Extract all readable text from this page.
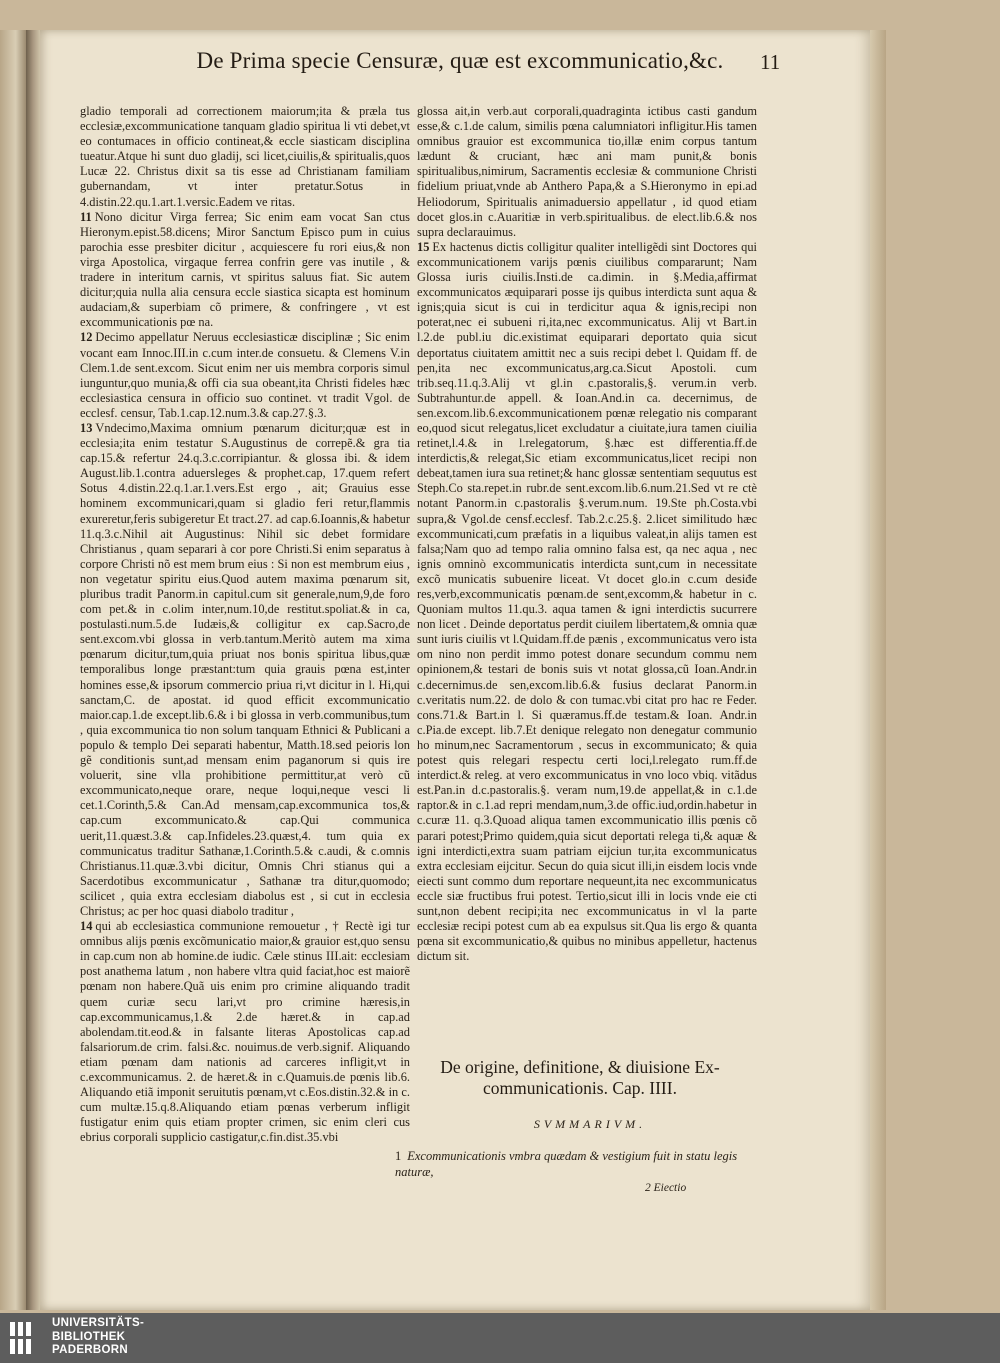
De Prima specie Censuræ, quæ est excommunicatio,&c.	11

gladio temporali ad correctionem maiorum;ita & præla tus ecclesiæ,excommunicatione tanquam gladio spiritua li vti debet,vt eo contumaces in officio contineat,& eccle siasticam disciplina tueatur.Atque hi sunt duo gladij, sci licet,ciuilis,& spiritualis,quos Lucæ 22. Christus dixit sa tis esse ad Christianam familiam gubernandam, vt inter pretatur.Sotus in 4.distin.22.qu.1.art.1.versic.Eadem ve ritas.

11 Nono dicitur Virga ferrea; Sic enim eam vocat San ctus Hieronym.epist.58.dicens; Miror Sanctum Episco pum in cuius parochia esse presbiter dicitur , acquiescere fu rori eius,& non virga Apostolica, virgaque ferrea confrin gere vas inutile , & tradere in interitum carnis, vt spiritus saluus fiat. Sic autem dicitur;quia nulla alia censura eccle siastica sicapta est hominum audaciam,& superbiam cõ primere, & confringere , vt est excommunicationis pœ na.

12 Decimo appellatur Neruus ecclesiasticæ disciplinæ ; Sic enim vocant eam Innoc.III.in c.cum inter.de consuetu. & Clemens V.in Clem.1.de sent.excom. Sicut enim ner uis membra corporis simul iunguntur,quo munia,& offi cia sua obeant,ita Christi fideles hæc ecclesiastica censura in officio suo continet. vt tradit Vgol. de ecclesf. censur, Tab.1.cap.12.num.3.& cap.27.§.3.

13 Vndecimo,Maxima omnium pœnarum dicitur;quæ est in ecclesia;ita enim testatur S.Augustinus de correpẽ.& gra tia cap.15.& refertur 24.q.3.c.corripiantur. & glossa ibi. & idem August.lib.1.contra aduersleges & prophet.cap, 17.quem refert Sotus 4.distin.22.q.1.ar.1.vers.Est ergo , ait; Grauius esse hominem excommunicari,quam si gladio feri retur,flammis exureretur,feris subigeretur Et tract.27. ad cap.6.Ioannis,& habetur 11.q.3.c.Nihil ait Augustinus: Nihil sic debet formidare Christianus , quam separari à cor pore Christi.Si enim separatus à corpore Christi nõ est mem brum eius : Si non est membrum eius , non vegetatur spiritu eius.Quod autem maxima pœnarum sit, pluribus tradit Panorm.in capitul.cum sit generale,num,9,de foro com pet.& in c.olim inter,num.10,de restitut.spoliat.& in ca, postulasti.num.5.de Iudæis,& colligitur ex cap.Sacro,de sent.excom.vbi glossa in verb.tantum.Meritò autem ma xima pœnarum dicitur,tum,quia priuat nos bonis spiritua libus,quæ temporalibus longe præstant:tum quia grauis pœna est,inter homines esse,& ipsorum commercio priua ri,vt dicitur in l. Hi,qui sanctam,C. de apostat. id quod efficit excommunicatio maior.cap.1.de except.lib.6.& i bi glossa in verb.communibus,tum , quia excommunica tio non solum tanquam Ethnici & Publicani a populo & templo Dei separati habentur, Matth.18.sed peioris lon gẽ conditionis sunt,ad mensam enim paganorum si quis ire voluerit, sine vlla prohibitione permittitur,at verò cũ excommunicato,neque orare, neque loqui,neque vesci li cet.1.Corinth,5.& Can.Ad mensam,cap.excommunica tos,& cap.cum excommunicato.& cap.Qui communica uerit,11.quæst.3.& cap.Infideles.23.quæst,4. tum quia ex communicatus traditur Sathanæ,1.Corinth.5.& c.audi, & c.omnis Christianus.11.quæ.3.vbi dicitur, Omnis Chri stianus qui a Sacerdotibus excommunicatur , Sathanæ tra ditur,quomodo; scilicet , quia extra ecclesiam diabolus est , si cut in ecclesia Christus; ac per hoc quasi diabolo traditur ,

14 qui ab ecclesiastica communione remouetur , † Rectè igi tur omnibus alijs pœnis excõmunicatio maior,& grauior est,quo sensu in cap.cum non ab homine.de iudic. Cæle stinus III.ait: ecclesiam post anathema latum , non habere vltra quid faciat,hoc est maiorẽ pœnam non habere.Quã uis enim pro crimine aliquando tradit quem curiæ secu lari,vt pro crimine hæresis,in cap.excommunicamus,1.& 2.de hæret.& in cap.ad abolendam.tit.eod.& in falsante literas Apostolicas cap.ad falsariorum.de crim. falsi.&c. nouimus.de verb.signif. Aliquando etiam pœnam dam nationis ad carceres infligit,vt in c.excommunicamus. 2. de hæret.& in c.Quamuis.de pœnis lib.6. Aliquando etiã imponit seruitutis pœnam,vt c.Eos.distin.32.& in c. cum multæ.15.q.8.Aliquando etiam pœnas verberum infligit fustigatur enim quis etiam propter crimen, sic enim cleri cus ebrius corporali supplicio castigatur,c.fin.dist.35.vbi

glossa ait,in verb.aut corporali,quadraginta ictibus casti gandum esse,& c.1.de calum, similis pœna calumniatori infligitur.His tamen omnibus grauior est excommunica tio,illæ enim corpus tantum lædunt & cruciant, hæc ani mam punit,& bonis spiritualibus,nimirum, Sacramentis ecclesiæ & communione Christi fidelium priuat,vnde ab Anthero Papa,& a S.Hieronymo in epi.ad Heliodorum, Spiritualis animaduersio appellatur , id quod etiam docet glos.in c.Auaritiæ in verb.spiritualibus. de elect.lib.6.& nos supra declarauimus.

15 Ex hactenus dictis colligitur qualiter intelligẽdi sint Doctores qui excommunicationem varijs pœnis ciuilibus compararunt; Nam Glossa iuris ciuilis.Insti.de ca.dimin. in §.Media,affirmat excommunicatos æquiparari posse ijs quibus interdicta sunt aqua & ignis;quia sicut is cui in terdicitur aqua & ignis,recipi non poterat,nec ei subueni ri,ita,nec excommunicatus. Alij vt Bart.in l.2.de publ.iu dic.existimat equiparari deportato quia sicut deportatus ciuitatem amittit nec a suis recipi debet l. Quidam ff. de pen,ita nec excommunicatus,arg.ca.Sicut Apostoli. cum trib.seq.11.q.3.Alij vt gl.in c.pastoralis,§. verum.in verb. Subtrahuntur.de appell. & Ioan.And.in ca. decernimus, de sen.excom.lib.6.excommunicationem pœnæ relegatio nis comparant eo,quod sicut relegatus,licet excludatur a ciuitate,iura tamen ciuilia retinet,l.4.& in l.relegatorum, §.hæc est differentia.ff.de interdictis,& relegat,Sic etiam excommunicatus,licet recipi non debeat,tamen iura sua retinet;& hanc glossæ sententiam sequutus est Steph.Co sta.repet.in rubr.de sent.excom.lib.6.num.21.Sed vt re ctè notant Panorm.in c.pastoralis §.verum.num. 19.Ste ph.Costa.vbi supra,& Vgol.de censf.ecclesf. Tab.2.c.25.§. 2.licet similitudo hæc excommunicati,cum præfatis in a liquibus valeat,in alijs tamen est falsa;Nam quo ad tempo ralia omnino falsa est, qa nec aqua , nec ignis omninò excommunicatis interdicta sunt,cum in necessitate excõ municatis subuenire liceat. Vt docet glo.in c.cum desiđe res,verb,excommunicatis pœnam.de sent,excomm,& habetur in c. Quoniam multos 11.qu.3. aqua tamen & igni interdictis sucurrere non licet . Deinde deportatus perdit ciuilem libertatem,& omnia quæ sunt iuris ciuilis vt l.Quidam.ff.de pænis , excommunicatus vero ista om nino non perdit immo potest donare secundum commu nem opinionem,& testari de bonis suis vt notat glossa,cũ Ioan.Andr.in c.decernimus.de sen,excom.lib.6.& fusius declarat Panorm.in c.veritatis num.22. de dolo & con tumac.vbi citat pro hac re Feder. cons.71.& Bart.in l. Si quæramus.ff.de testam.& Ioan. Andr.in c.Pia.de except. lib.7.Et denique relegato non denegatur communio ho minum,nec Sacramentorum , secus in excommunicato; & quia potest quis relegari respectu certi loci,l.relegato rum.ff.de interdict.& releg. at vero excommunicatus in vno loco vbiq. vitãdus est.Pan.in d.c.pastoralis.§. veram num,19.de appellat,& in c.1.de raptor.& in c.1.ad repri mendam,num,3.de offic.iud,ordin.habetur in c.curæ 11. q.3.Quoad aliqua tamen excommunicatio illis pœnis cõ parari potest;Primo quidem,quia sicut deportati relega ti,& aquæ & igni interdicti,extra suam patriam eijciun tur,ita excommunicatus extra ecclesiam eijcitur. Secun do quia sicut illi,in eisdem locis vnde eiecti sunt commo dum reportare nequeunt,ita nec excommunicatus eccle siæ fructibus frui potest. Tertio,sicut illi in locis vnde eie cti sunt,non debent recipi;ita nec excommunicatus in vl la parte ecclesiæ recipi potest cum ab ea expulsus sit.Qua lis ergo & quanta pœna sit excommunicatio,& quibus no minibus appelletur, hactenus dictum sit.

De origine, definitione, & diuisione Ex-
communicationis. Cap. IIII.
SVMMARIVM.
1 Excommunicationis vmbra quædam & vestigium fuit in statu legis naturæ,
2 Eiectio
UNIVERSITÄTS-
BIBLIOTHEK
PADERBORN
